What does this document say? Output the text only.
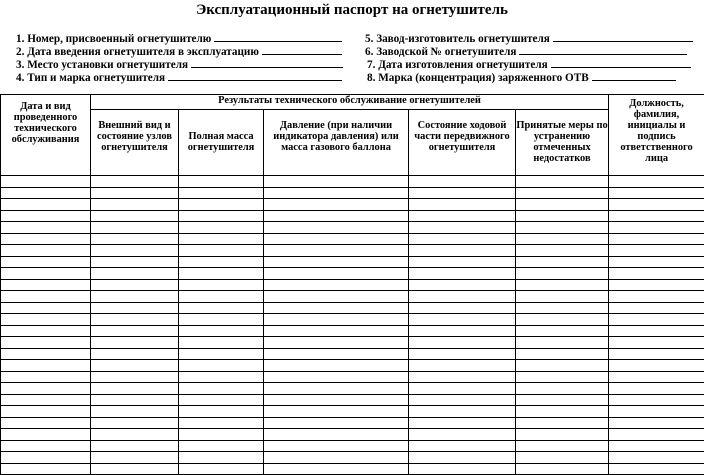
Эксплуатационный паспорт на огнетушитель
1. Номер, присвоенный огнетушителю
2. Дата введения огнетушителя в эксплуатацию
3. Место установки огнетушителя
4. Тип и марка огнетушителя
5. Завод-изготовитель огнетушителя
6. Заводской № огнетушителя
7. Дата изготовления огнетушителя
8. Марка (концентрация) заряженного ОТВ
Дата и вид проведенного технического обслуживания	Результаты технического обслуживание огнетушителей					Должность, фамилия, инициалы и подпись ответственного лица

	Внешний вид и состояние узлов огнетушителя	Полная масса огнетушителя	Давление (при наличии индикатора давления) или масса газового баллона	Состояние ходовой части передвижного огнетушителя	Принятые меры по устранению отмеченных недостатков	
